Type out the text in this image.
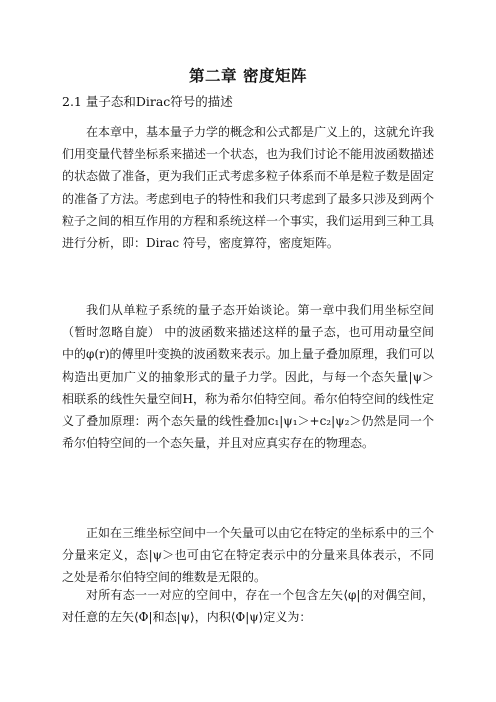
第二章 密度矩阵
2.1 量子态和Dirac符号的描述

在本章中，基本量子力学的概念和公式都是广义上的，这就允许我们用变量代替坐标系来描述一个状态，也为我们讨论不能用波函数描述的状态做了准备，更为我们正式考虑多粒子体系而不单是粒子数是固定的准备了方法。考虑到电子的特性和我们只考虑到了最多只涉及到两个粒子之间的相互作用的方程和系统这样一个事实，我们运用到三种工具进行分析，即：Dirac 符号，密度算符，密度矩阵。

我们从单粒子系统的量子态开始谈论。第一章中我们用坐标空间（暂时忽略自旋） 中的波函数来描述这样的量子态，也可用动量空间中的φ(r)的傅里叶变换的波函数来表示。加上量子叠加原理，我们可以构造出更加广义的抽象形式的量子力学。因此，与每一个态矢量|ψ＞相联系的线性矢量空间H，称为希尔伯特空间。希尔伯特空间的线性定义了叠加原理：两个态矢量的线性叠加c₁|ψ₁＞+c₂|ψ₂＞仍然是同一个希尔伯特空间的一个态矢量，并且对应真实存在的物理态。

正如在三维坐标空间中一个矢量可以由它在特定的坐标系中的三个分量来定义，态|ψ＞也可由它在特定表示中的分量来具体表示，不同之处是希尔伯特空间的维数是无限的。

对所有态一一对应的空间中，存在一个包含左矢⟨φ|的对偶空间，对任意的左矢⟨Φ|和态|ψ⟩，内积⟨Φ|ψ⟩定义为：
